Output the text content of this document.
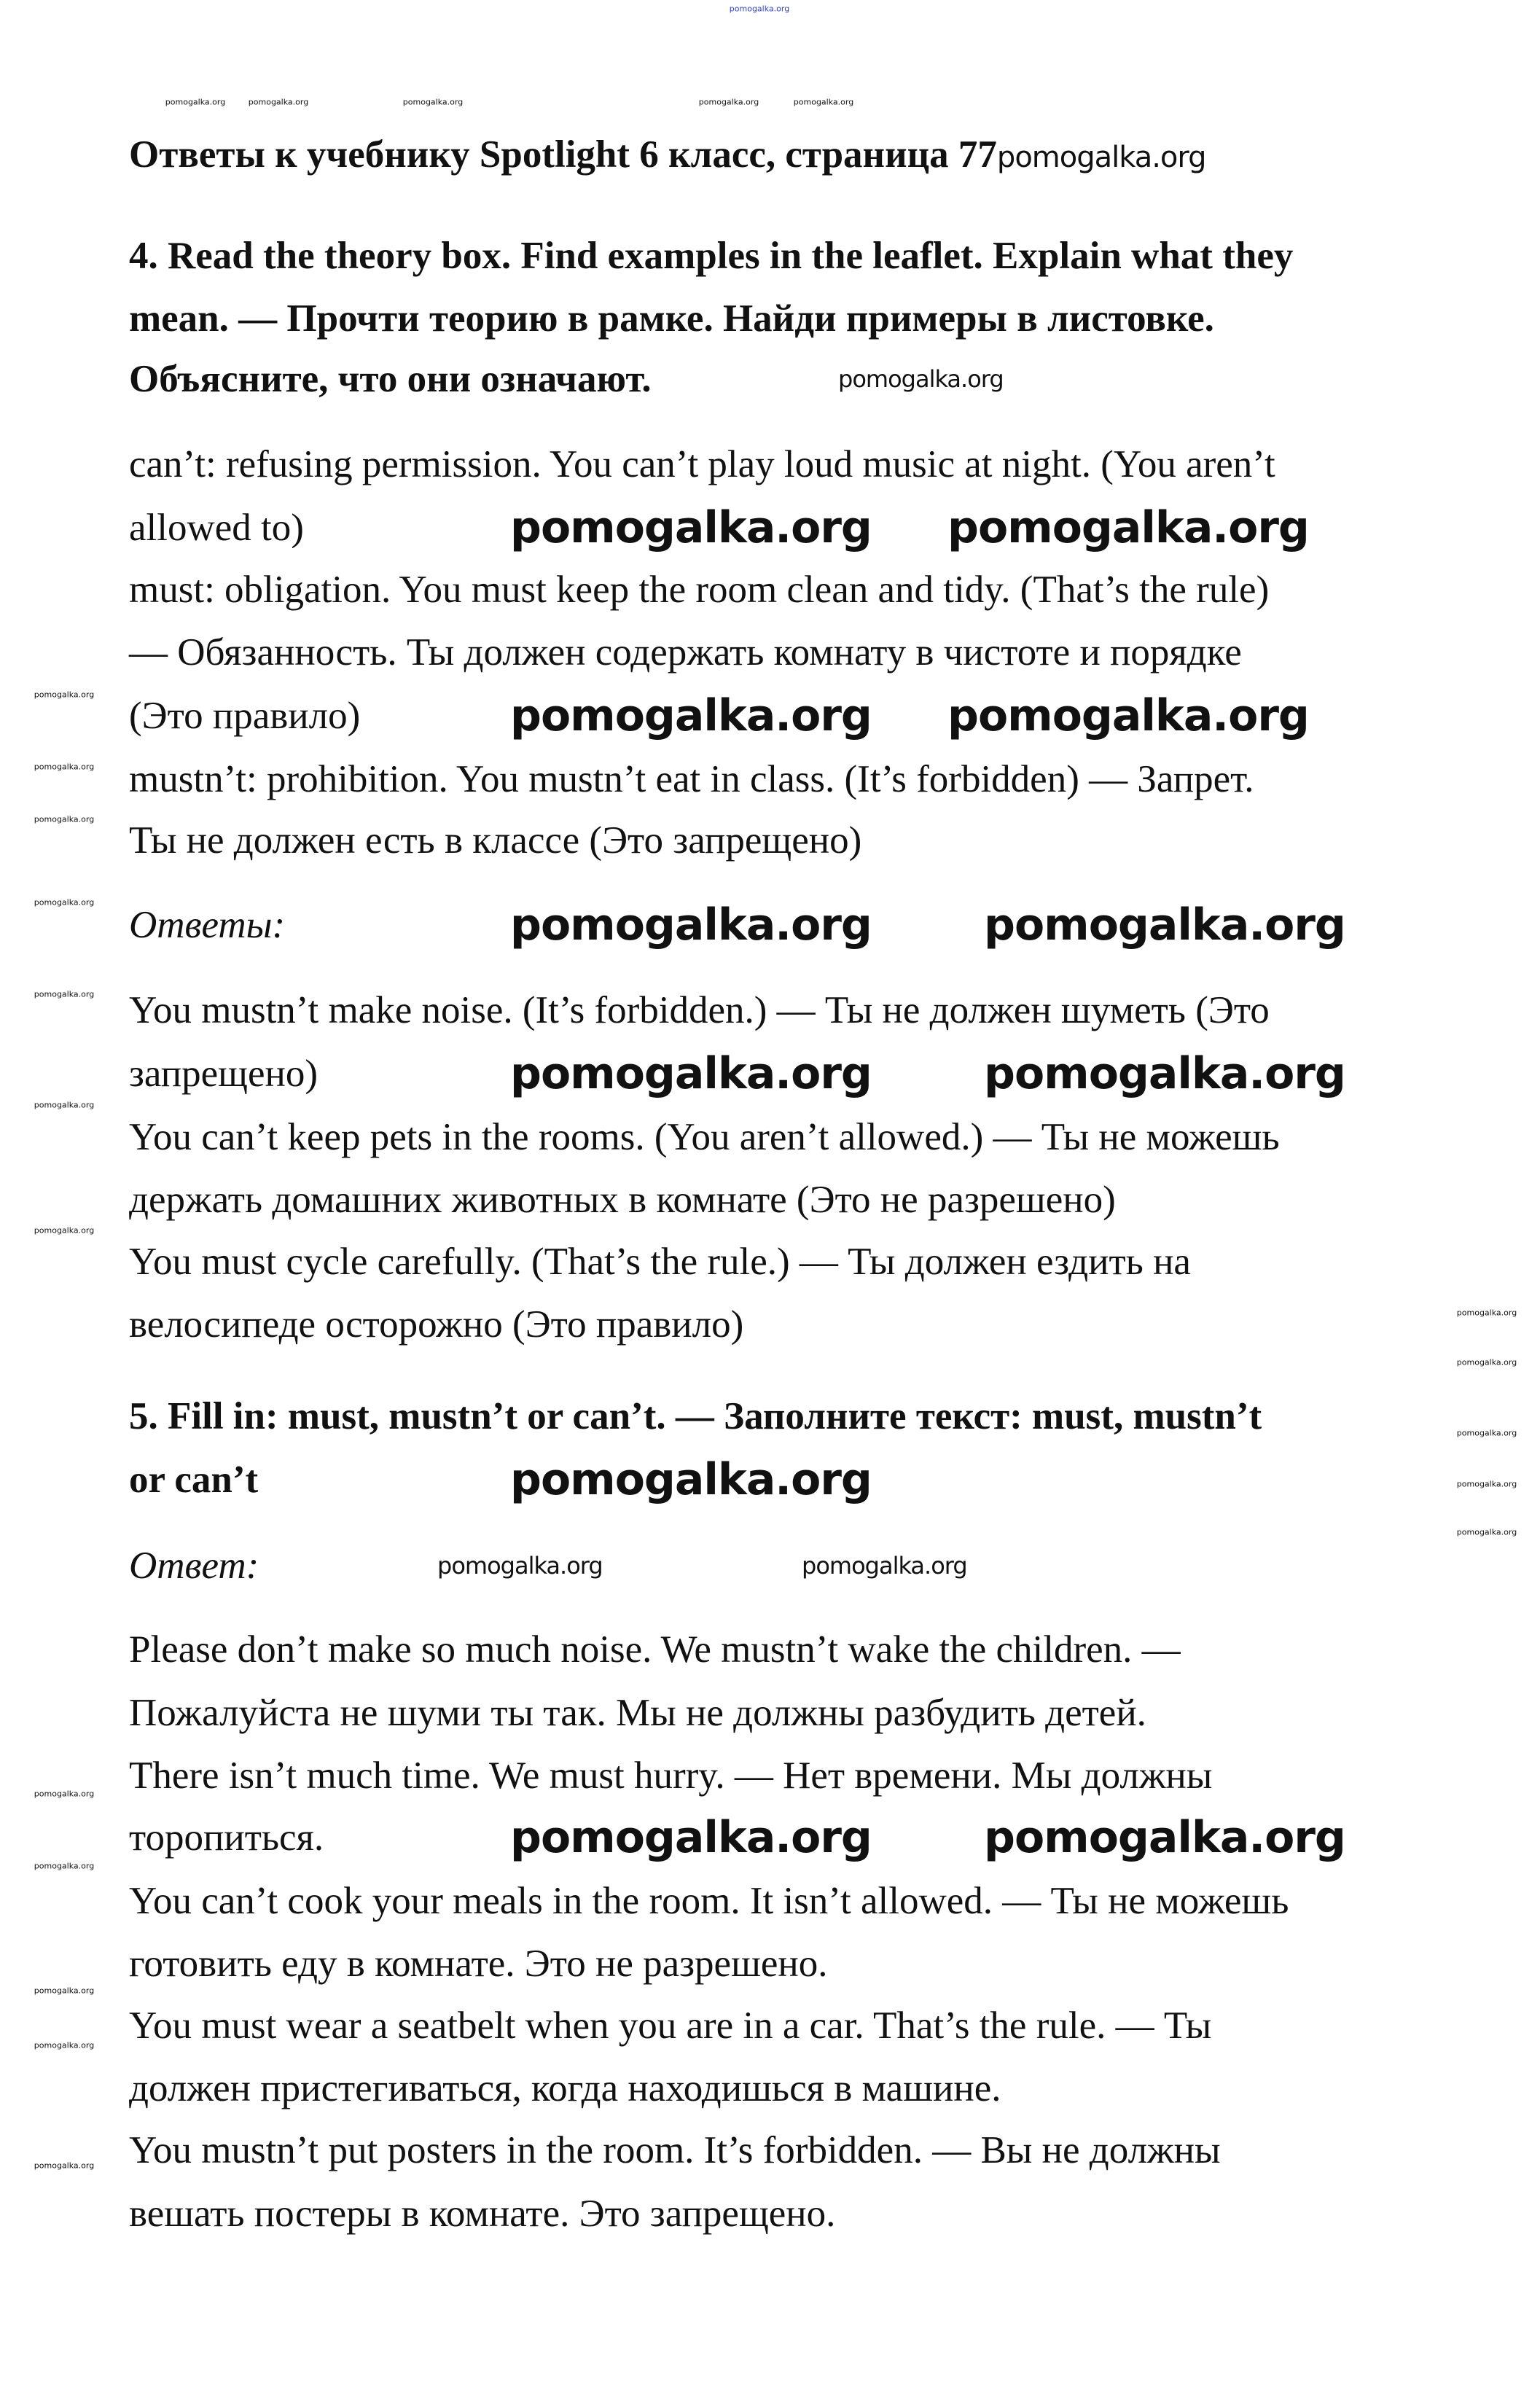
Ответы к учебнику Spotlight 6 класс, страница 77pomogalka.org
4. Read the theory box. Find examples in the leaflet. Explain what they
mean. — Прочти теорию в рамке. Найди примеры в листовке.
Объясните, что они означают.
can’t: refusing permission. You can’t play loud music at night. (You aren’t
allowed to)
must: obligation. You must keep the room clean and tidy. (That’s the rule)
— Обязанность. Ты должен содержать комнату в чистоте и порядке
(Это правило)
mustn’t: prohibition. You mustn’t eat in class. (It’s forbidden) — Запрет.
Ты не должен есть в классе (Это запрещено)
Ответы:
You mustn’t make noise. (It’s forbidden.) — Ты не должен шуметь (Это
запрещено)
You can’t keep pets in the rooms. (You aren’t allowed.) — Ты не можешь
держать домашних животных в комнате (Это не разрешено)
You must cycle carefully. (That’s the rule.) — Ты должен ездить на
велосипеде осторожно (Это правило)
5. Fill in: must, mustn’t or can’t. — Заполните текст: must, mustn’t
or can’t
Ответ:
Please don’t make so much noise. We mustn’t wake the children. —
Пожалуйста не шуми ты так. Мы не должны разбудить детей.
There isn’t much time. We must hurry. — Нет времени. Мы должны
торопиться.
You can’t cook your meals in the room. It isn’t allowed. — Ты не можешь
готовить еду в комнате. Это не разрешено.
You must wear a seatbelt when you are in a car. That’s the rule. — Ты
должен пристегиваться, когда находишься в машине.
You mustn’t put posters in the room. It’s forbidden. — Вы не должны
вешать постеры в комнате. Это запрещено.
pomogalka.org pomogalka.org
pomogalka.org pomogalka.org
pomogalka.org	pomogalka.org
pomogalka.org	pomogalka.org
pomogalka.org
pomogalka.org	pomogalka.org
pomogalka.org
pomogalka.org	pomogalka.org
pomogalka.org
pomogalka.org	pomogalka.org	pomogalka.org	pomogalka.org	pomogalka.org
pomogalka.org
pomogalka.org
pomogalka.org
pomogalka.org
pomogalka.org
pomogalka.org
pomogalka.org
pomogalka.org
pomogalka.org
pomogalka.org
pomogalka.org
pomogalka.org
pomogalka.org
pomogalka.org
pomogalka.org
pomogalka.org
pomogalka.org
